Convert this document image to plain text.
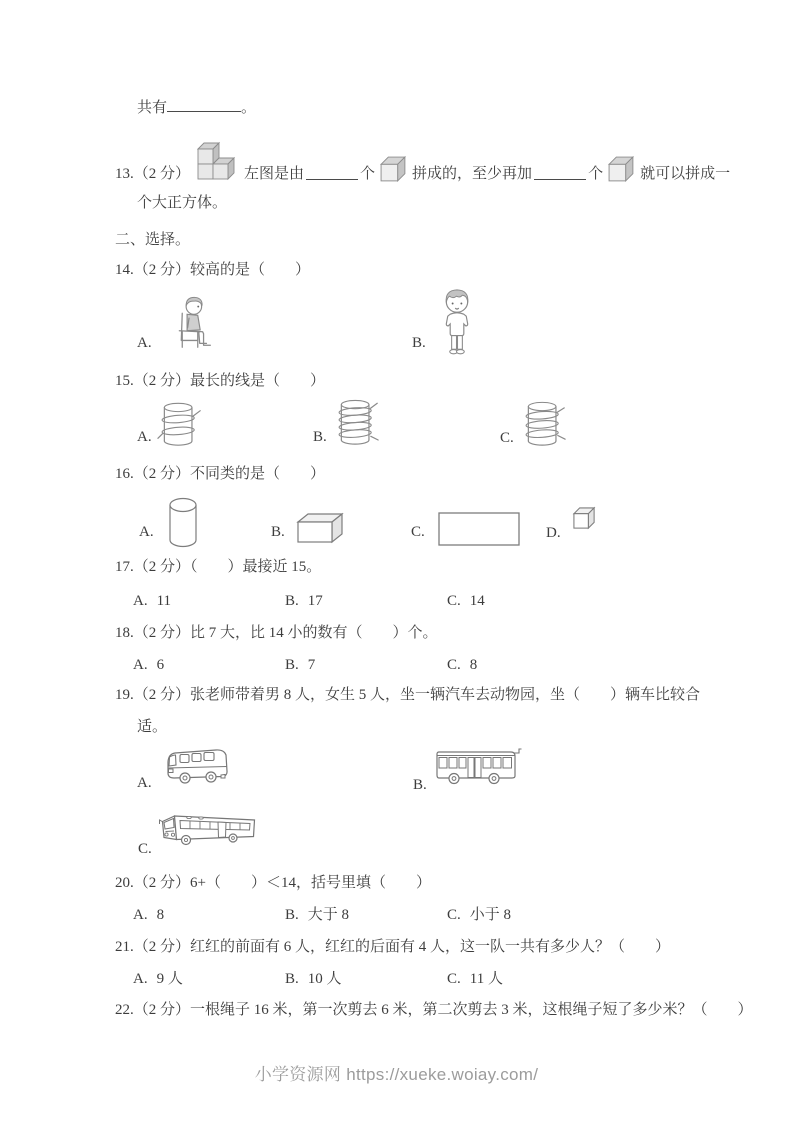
共有	。
13.（2 分）	左图是由	个 拼成的，至少再加	个 就可以拼成一
个大正方体。
二、选择。
14.（2 分）较高的是（　　）
A.	B.
15.（2 分）最长的线是（　　）
A.	B.	C.
16.（2 分）不同类的是（　　）
A.	B.	C.	D.
17.（2 分）（　　）最接近 15。
A. 11	B. 17	C. 14
18.（2 分）比 7 大，比 14 小的数有（　　）个。
A. 6	B. 7	C. 8
19.（2 分）张老师带着男 8 人，女生 5 人，坐一辆汽车去动物园，坐（　　）辆车比较合
适。
A.	B.
C.
20.（2 分）6+（　　）＜14，括号里填（　　）
A. 8	B. 大于 8	C. 小于 8
21.（2 分）红红的前面有 6 人，红红的后面有 4 人，这一队一共有多少人？（　　）
A. 9 人	B. 10 人	C. 11 人
22.（2 分）一根绳子 16 米，第一次剪去 6 米，第二次剪去 3 米，这根绳子短了多少米？（　　）
小学资源网 https://xueke.woiay.com/
